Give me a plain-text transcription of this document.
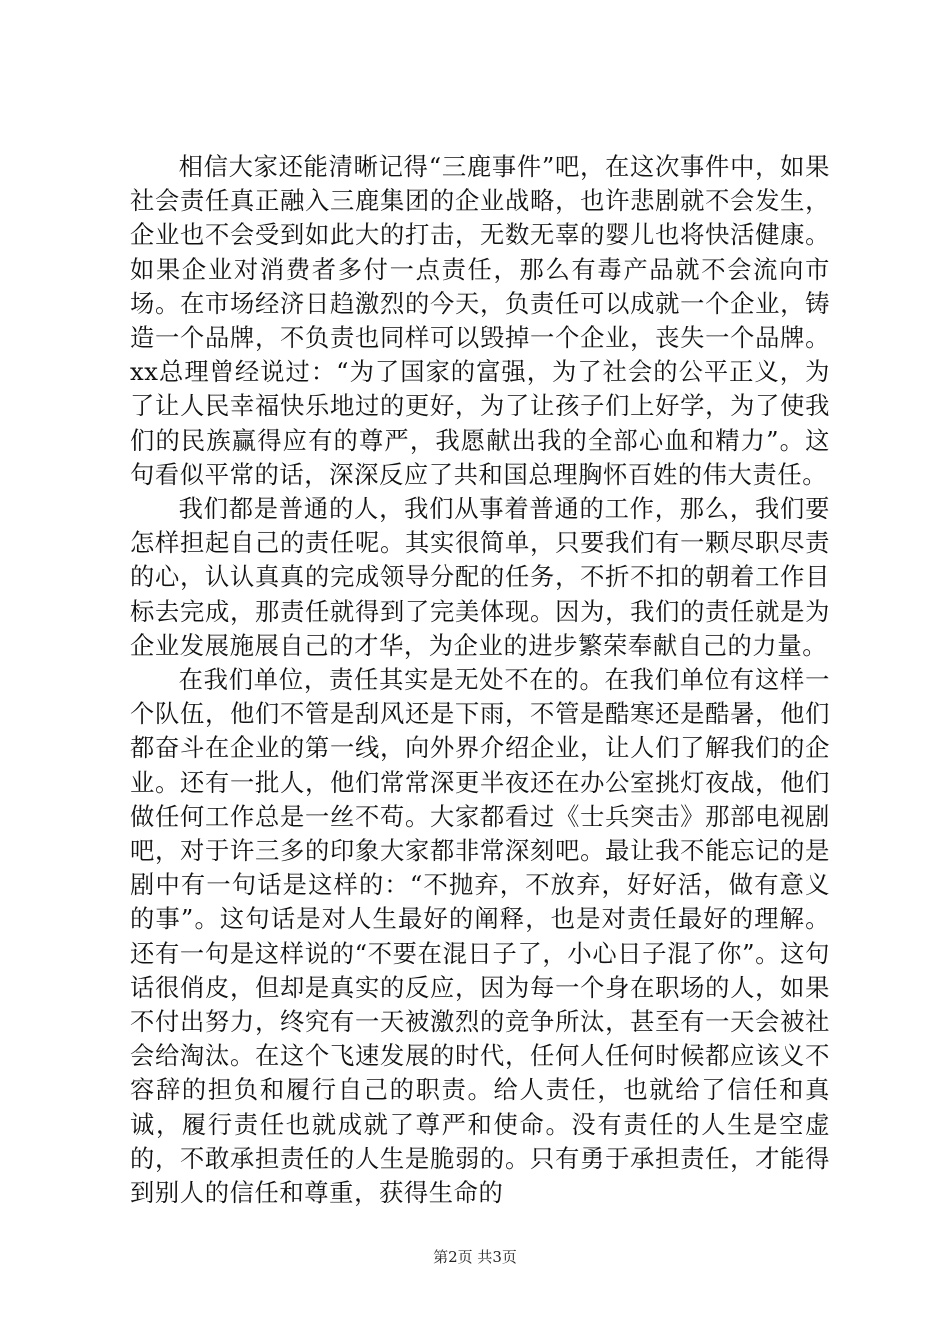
相信大家还能清晰记得“三鹿事件”吧，在这次事件中，如果社会责任真正融入三鹿集团的企业战略，也许悲剧就不会发生，企业也不会受到如此大的打击，无数无辜的婴儿也将快活健康。如果企业对消费者多付一点责任，那么有毒产品就不会流向市场。在市场经济日趋激烈的今天，负责任可以成就一个企业，铸造一个品牌，不负责也同样可以毁掉一个企业，丧失一个品牌。xx总理曾经说过：“为了国家的富强，为了社会的公平正义，为了让人民幸福快乐地过的更好，为了让孩子们上好学，为了使我们的民族赢得应有的尊严，我愿献出我的全部心血和精力”。这句看似平常的话，深深反应了共和国总理胸怀百姓的伟大责任。

我们都是普通的人，我们从事着普通的工作，那么，我们要怎样担起自己的责任呢。其实很简单，只要我们有一颗尽职尽责的心，认认真真的完成领导分配的任务，不折不扣的朝着工作目标去完成，那责任就得到了完美体现。因为，我们的责任就是为企业发展施展自己的才华，为企业的进步繁荣奉献自己的力量。

在我们单位，责任其实是无处不在的。在我们单位有这样一个队伍，他们不管是刮风还是下雨，不管是酷寒还是酷暑，他们都奋斗在企业的第一线，向外界介绍企业，让人们了解我们的企业。还有一批人，他们常常深更半夜还在办公室挑灯夜战，他们做任何工作总是一丝不苟。大家都看过《士兵突击》那部电视剧吧，对于许三多的印象大家都非常深刻吧。最让我不能忘记的是剧中有一句话是这样的：“不抛弃，不放弃，好好活，做有意义的事”。这句话是对人生最好的阐释，也是对责任最好的理解。还有一句是这样说的“不要在混日子了，小心日子混了你”。这句话很俏皮，但却是真实的反应，因为每一个身在职场的人，如果不付出努力，终究有一天被激烈的竞争所汰，甚至有一天会被社会给淘汰。在这个飞速发展的时代，任何人任何时候都应该义不容辞的担负和履行自己的职责。给人责任，也就给了信任和真诚，履行责任也就成就了尊严和使命。没有责任的人生是空虚的，不敢承担责任的人生是脆弱的。只有勇于承担责任，才能得到别人的信任和尊重，获得生命的

第2页 共3页
